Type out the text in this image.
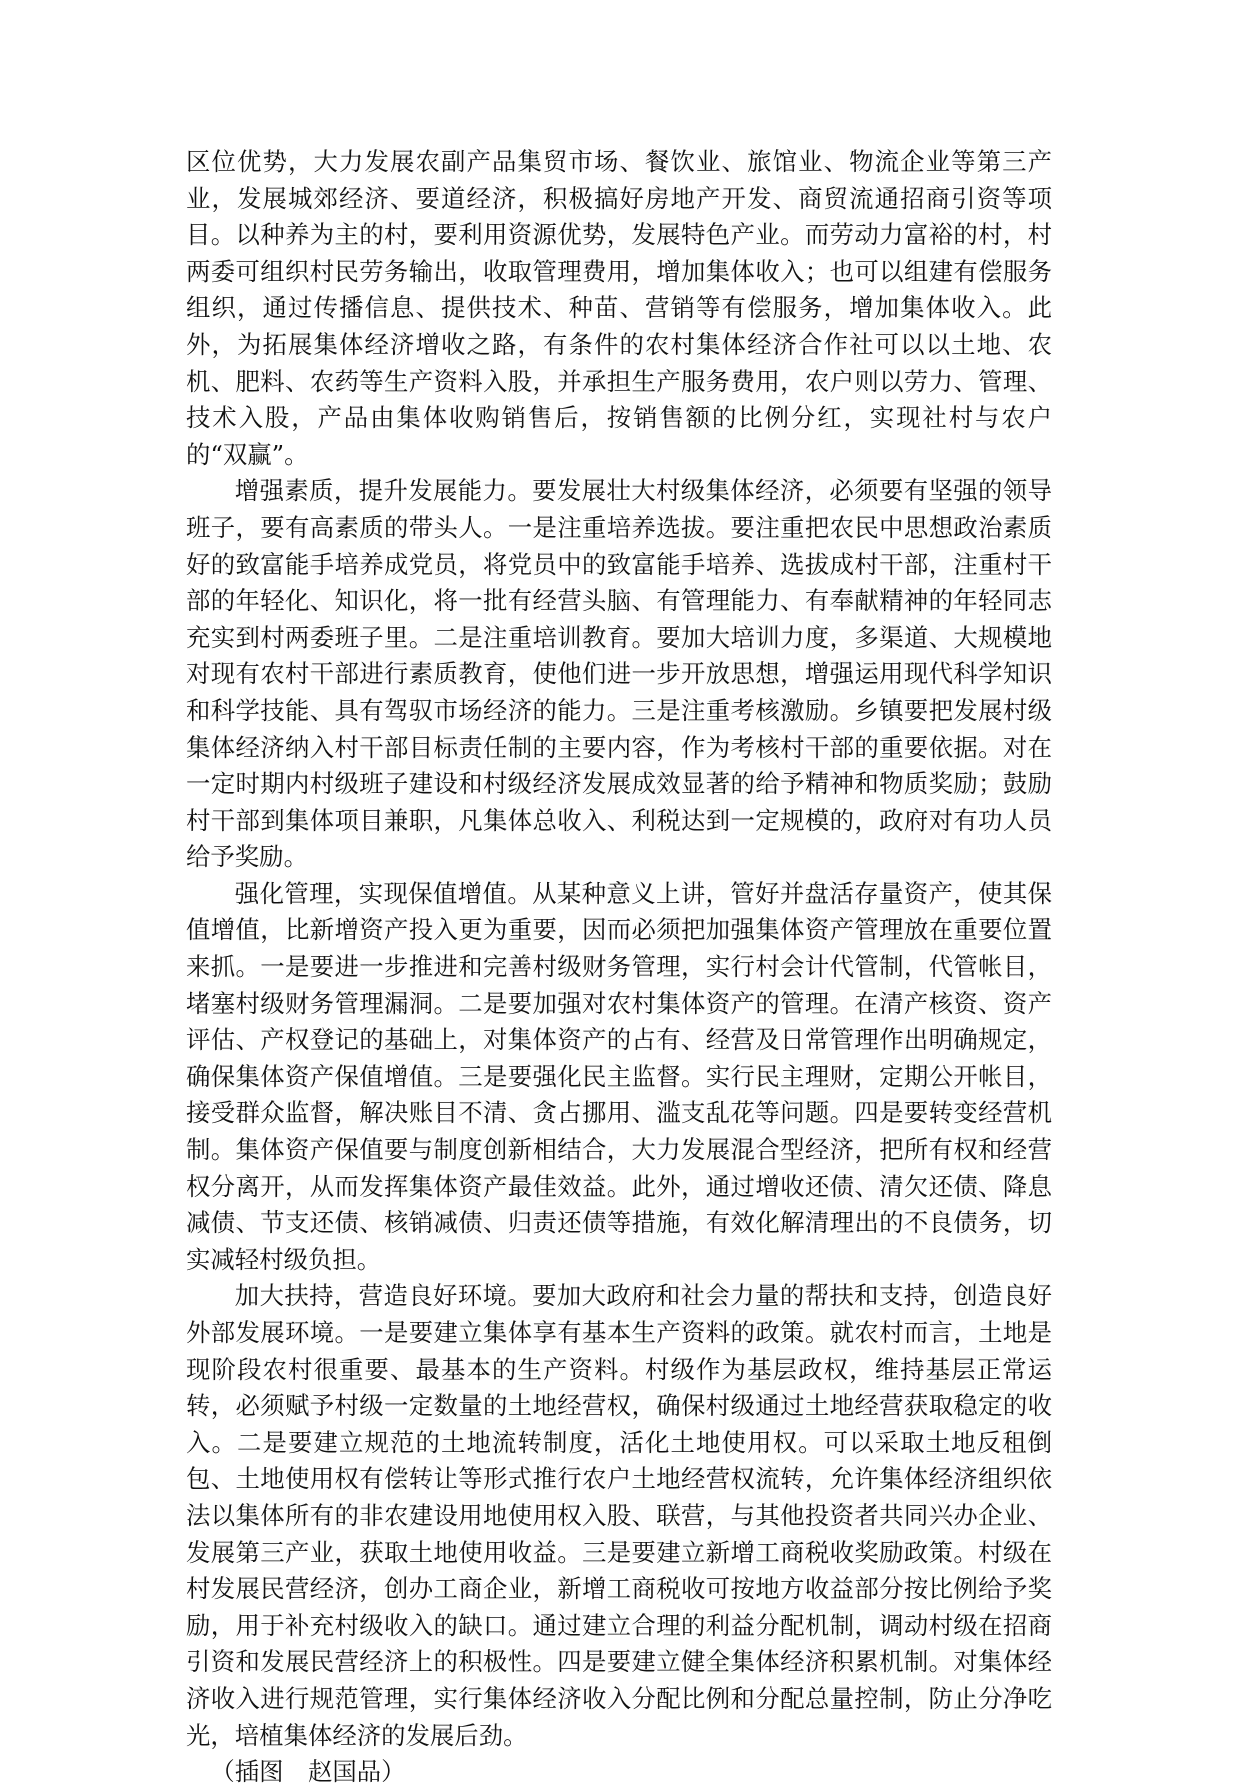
区位优势，大力发展农副产品集贸市场、餐饮业、旅馆业、物流企业等第三产业，发展城郊经济、要道经济，积极搞好房地产开发、商贸流通招商引资等项目。以种养为主的村，要利用资源优势，发展特色产业。而劳动力富裕的村，村两委可组织村民劳务输出，收取管理费用，增加集体收入；也可以组建有偿服务组织，通过传播信息、提供技术、种苗、营销等有偿服务，增加集体收入。此外，为拓展集体经济增收之路，有条件的农村集体经济合作社可以以土地、农机、肥料、农药等生产资料入股，并承担生产服务费用，农户则以劳力、管理、技术入股，产品由集体收购销售后，按销售额的比例分红，实现社村与农户的“双赢”。

增强素质，提升发展能力。要发展壮大村级集体经济，必须要有坚强的领导班子，要有高素质的带头人。一是注重培养选拔。要注重把农民中思想政治素质好的致富能手培养成党员，将党员中的致富能手培养、选拔成村干部，注重村干部的年轻化、知识化，将一批有经营头脑、有管理能力、有奉献精神的年轻同志充实到村两委班子里。二是注重培训教育。要加大培训力度，多渠道、大规模地对现有农村干部进行素质教育，使他们进一步开放思想，增强运用现代科学知识和科学技能、具有驾驭市场经济的能力。三是注重考核激励。乡镇要把发展村级集体经济纳入村干部目标责任制的主要内容，作为考核村干部的重要依据。对在一定时期内村级班子建设和村级经济发展成效显著的给予精神和物质奖励；鼓励村干部到集体项目兼职，凡集体总收入、利税达到一定规模的，政府对有功人员给予奖励。

强化管理，实现保值增值。从某种意义上讲，管好并盘活存量资产，使其保值增值，比新增资产投入更为重要，因而必须把加强集体资产管理放在重要位置来抓。一是要进一步推进和完善村级财务管理，实行村会计代管制，代管帐目，堵塞村级财务管理漏洞。二是要加强对农村集体资产的管理。在清产核资、资产评估、产权登记的基础上，对集体资产的占有、经营及日常管理作出明确规定，确保集体资产保值增值。三是要强化民主监督。实行民主理财，定期公开帐目，接受群众监督，解决账目不清、贪占挪用、滥支乱花等问题。四是要转变经营机制。集体资产保值要与制度创新相结合，大力发展混合型经济，把所有权和经营权分离开，从而发挥集体资产最佳效益。此外，通过增收还债、清欠还债、降息减债、节支还债、核销减债、归责还债等措施，有效化解清理出的不良债务，切实减轻村级负担。

加大扶持，营造良好环境。要加大政府和社会力量的帮扶和支持，创造良好外部发展环境。一是要建立集体享有基本生产资料的政策。就农村而言，土地是现阶段农村很重要、最基本的生产资料。村级作为基层政权，维持基层正常运转，必须赋予村级一定数量的土地经营权，确保村级通过土地经营获取稳定的收入。二是要建立规范的土地流转制度，活化土地使用权。可以采取土地反租倒包、土地使用权有偿转让等形式推行农户土地经营权流转，允许集体经济组织依法以集体所有的非农建设用地使用权入股、联营，与其他投资者共同兴办企业、发展第三产业，获取土地使用收益。三是要建立新增工商税收奖励政策。村级在村发展民营经济，创办工商企业，新增工商税收可按地方收益部分按比例给予奖励，用于补充村级收入的缺口。通过建立合理的利益分配机制，调动村级在招商引资和发展民营经济上的积极性。四是要建立健全集体经济积累机制。对集体经济收入进行规范管理，实行集体经济收入分配比例和分配总量控制，防止分净吃光，培植集体经济的发展后劲。

（插图　赵国品）
